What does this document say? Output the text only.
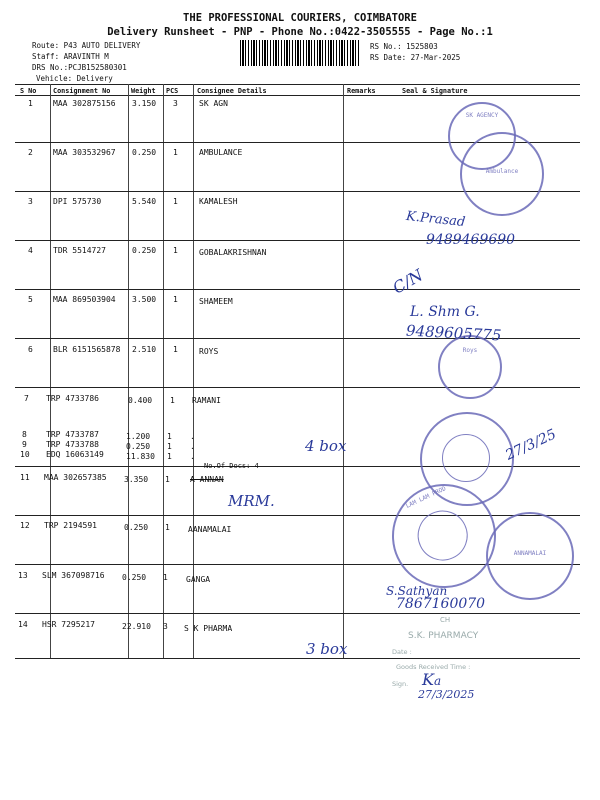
THE PROFESSIONAL COURIERS, COIMBATORE
Delivery Runsheet - PNP - Phone No.:0422-3505555 - Page No.:1
Route: P43 AUTO DELIVERY
Staff: ARAVINTH M
DRS No.:PCJB152580301
Vehicle: Delivery
RS No.: 1525803
RS Date: 27-Mar-2025
S No Consignment No	Weight PCS	Consignee Details	Remarks	Seal & Signature
1	MAA 302875156 3.150 3	SK AGN
2	MAA 303532967 0.250 1	AMBULANCE
3	DPI 575730	5.540 1	KAMALESH
4	TDR 5514727	0.250 1	GOBALAKRISHNAN
5	MAA 869503904 3.500 1	SHAMEEM
6	BLR 6151565878 2.510 1	ROYS
7 TRP 4733786	0.400 1 RAMANI
8 TRP 4733787	1.200 1 .
9 TRP 4733788	0.250 1 .
10 EDQ 16063149	11.830 1 .
No.Of Docs: 4
11 MAA 302657385 3.350 1	A ANNAN
12 TRP 2194591	0.250 1 AANAMALAI
13 SLM 367098716 0.250 1 GANGA
14 HSR 7295217	22.910 3 S K PHARMA
SK AGENCY
Ambulance
Roys
LAM LAM PROD
ANNAMALAI
K.Prasad
9489469690
C/N
L. Shm G.
9489605775
4 box	27/3/25
MRM.
S.Sathyan
7867160070
3 box
CH
S.K. PHARMACY
Date :
Goods Received Time :
Sign. Ka
27/3/2025
